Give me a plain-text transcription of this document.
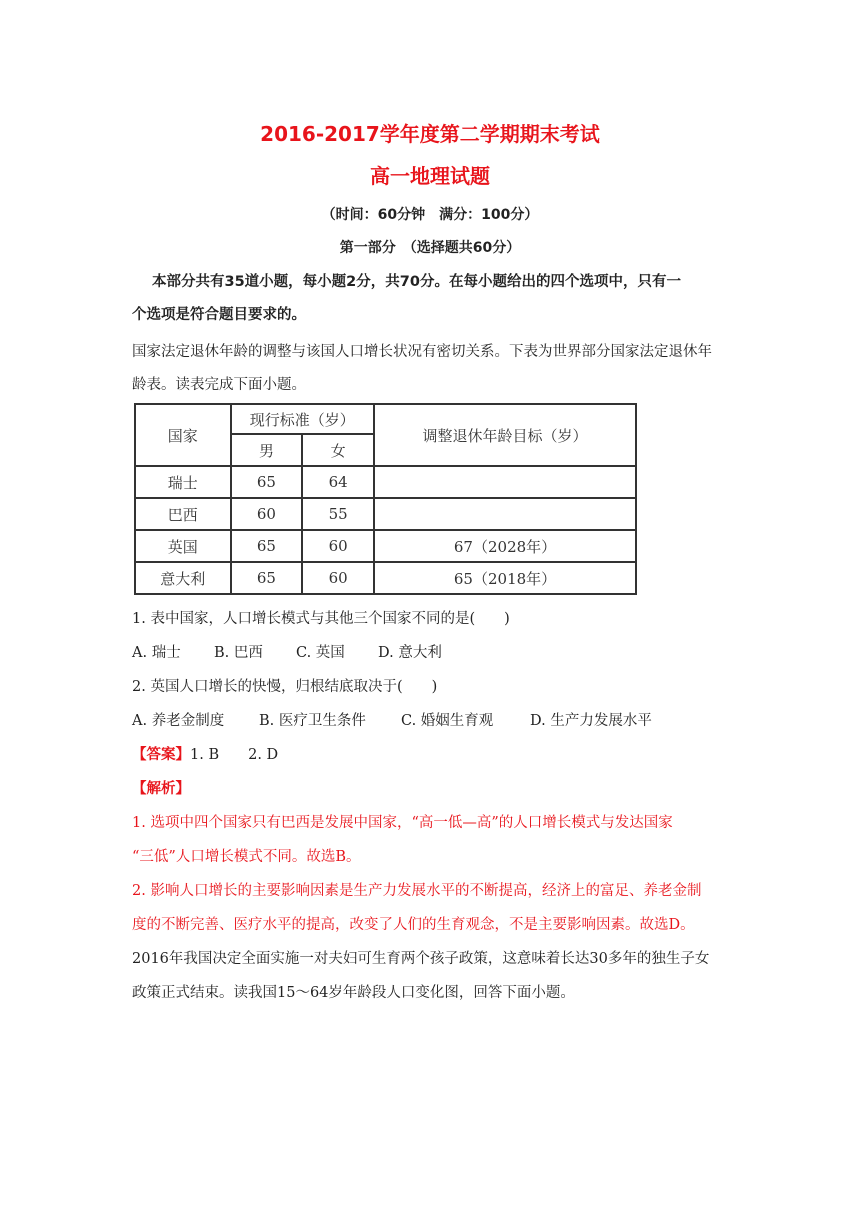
2016-2017学年度第二学期期末考试
高一地理试题
（时间：60分钟　满分：100分）
第一部分　（选择题共60分）
本部分共有35道小题，每小题2分，共70分。在每小题给出的四个选项中，只有一
个选项是符合题目要求的。
国家法定退休年龄的调整与该国人口增长状况有密切关系。下表为世界部分国家法定退休年
龄表。读表完成下面小题。
国家	现行标准（岁）		调整退休年龄目标（岁）
	男	女	
瑞士	65	64	
巴西	60	55	
英国	65	60	67（2028年）
意大利	65	60	65（2018年）
1. 表中国家，人口增长模式与其他三个国家不同的是(　　)
A. 瑞士 B. 巴西 C. 英国 D. 意大利
2. 英国人口增长的快慢，归根结底取决于(　　)
A. 养老金制度 B. 医疗卫生条件 C. 婚姻生育观	D. 生产力发展水平
【答案】1. B　　2. D
【解析】
1. 选项中四个国家只有巴西是发展中国家，“高一低—高”的人口增长模式与发达国家
“三低”人口增长模式不同。故选B。
2. 影响人口增长的主要影响因素是生产力发展水平的不断提高，经济上的富足、养老金制
度的不断完善、医疗水平的提高，改变了人们的生育观念，不是主要影响因素。故选D。
2016年我国决定全面实施一对夫妇可生育两个孩子政策，这意味着长达30多年的独生子女
政策正式结束。读我国15～64岁年龄段人口变化图，回答下面小题。
